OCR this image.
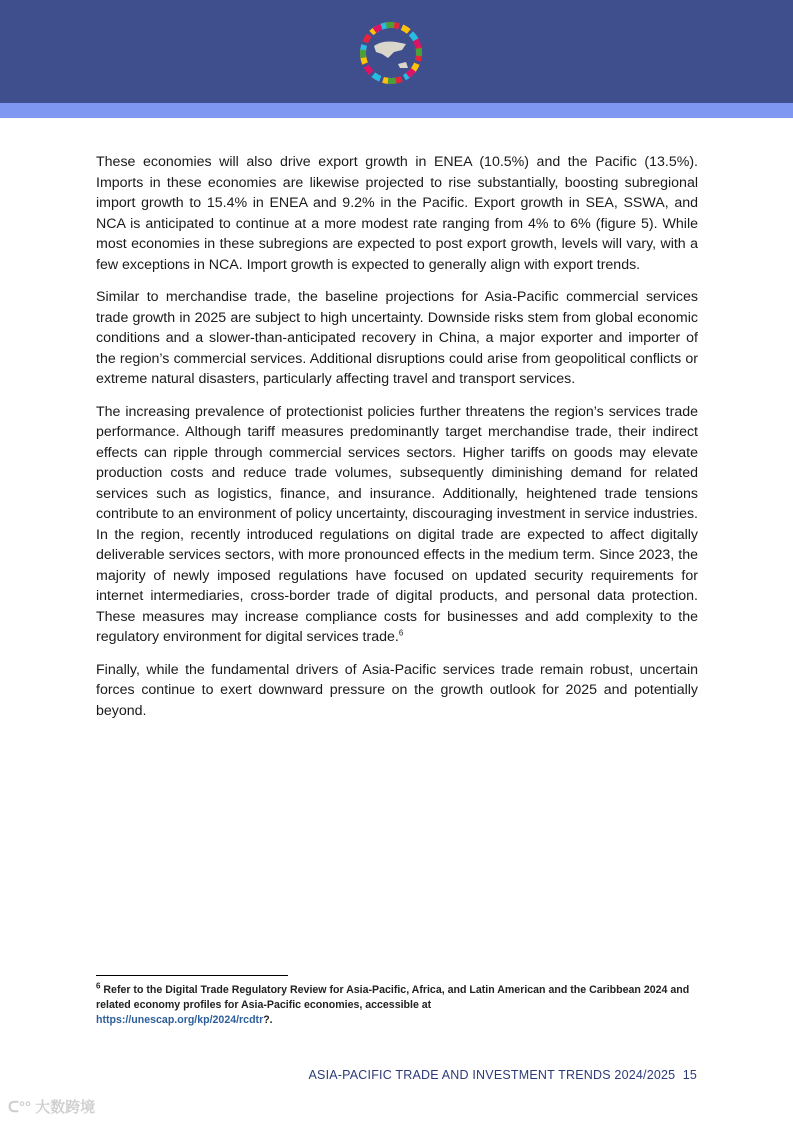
These economies will also drive export growth in ENEA (10.5%) and the Pacific (13.5%). Imports in these economies are likewise projected to rise substantially, boosting subregional import growth to 15.4% in ENEA and 9.2% in the Pacific. Export growth in SEA, SSWA, and NCA is anticipated to continue at a more modest rate ranging from 4% to 6% (figure 5). While most economies in these subregions are expected to post export growth, levels will vary, with a few exceptions in NCA. Import growth is expected to generally align with export trends.

Similar to merchandise trade, the baseline projections for Asia-Pacific commercial services trade growth in 2025 are subject to high uncertainty. Downside risks stem from global economic conditions and a slower-than-anticipated recovery in China, a major exporter and importer of the region’s commercial services. Additional disruptions could arise from geopolitical conflicts or extreme natural disasters, particularly affecting travel and transport services.

The increasing prevalence of protectionist policies further threatens the region’s services trade performance. Although tariff measures predominantly target merchandise trade, their indirect effects can ripple through commercial services sectors. Higher tariffs on goods may elevate production costs and reduce trade volumes, subsequently diminishing demand for related services such as logistics, finance, and insurance. Additionally, heightened trade tensions contribute to an environment of policy uncertainty, discouraging investment in service industries. In the region, recently introduced regulations on digital trade are expected to affect digitally deliverable services sectors, with more pronounced effects in the medium term. Since 2023, the majority of newly imposed regulations have focused on updated security requirements for internet intermediaries, cross-border trade of digital products, and personal data protection. These measures may increase compliance costs for businesses and add complexity to the regulatory environment for digital services trade.$^6$

Finally, while the fundamental drivers of Asia-Pacific services trade remain robust, uncertain forces continue to exert downward pressure on the growth outlook for 2025 and potentially beyond.

$^6$ Refer to the Digital Trade Regulatory Review for Asia-Pacific, Africa, and Latin American and the Caribbean 2024 and related economy profiles for Asia-Pacific economies, accessible at
https://unescap.org/kp/2024/rcdtr?.
ASIA-PACIFIC TRADE AND INVESTMENT TRENDS 2024/2025 15
ᑕ°° 大数跨境
